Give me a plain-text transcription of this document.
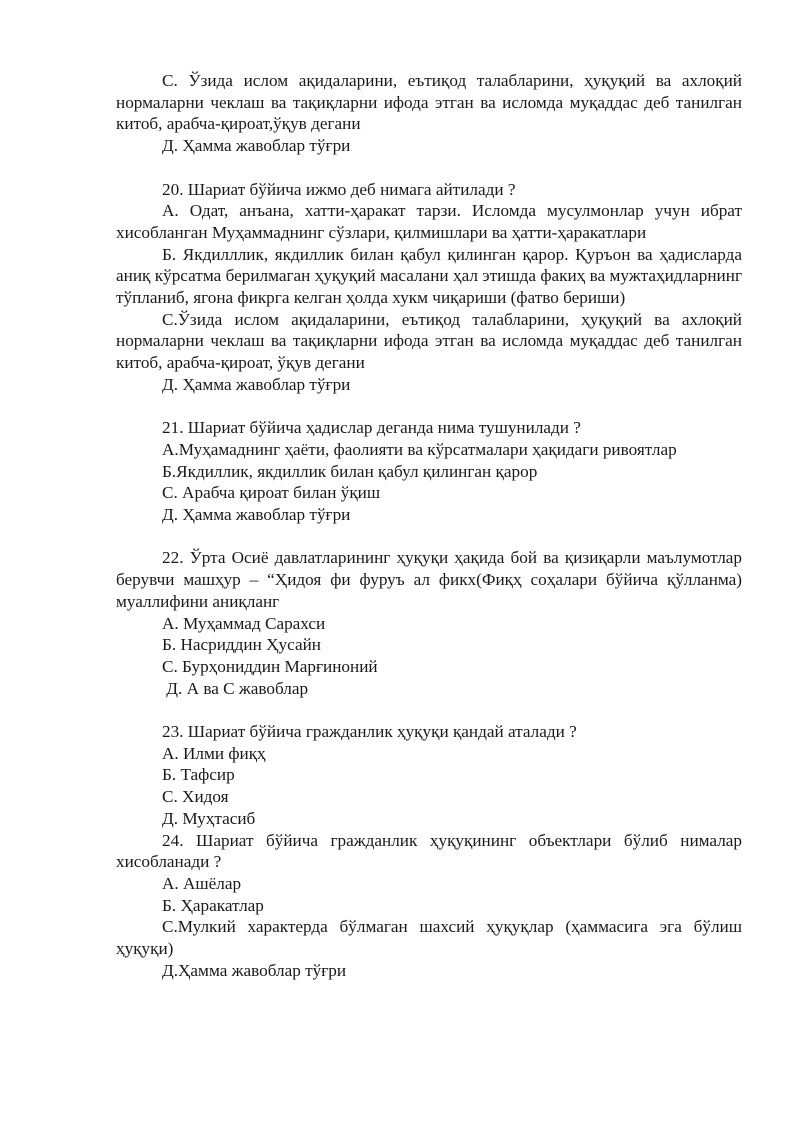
С. Ўзида ислом ақидаларини, еътиқод талабларини, ҳуқуқий ва ахлоқий нормаларни чеклаш ва тақиқларни ифода этган ва исломда муқаддас деб танилган китоб, арабча-қироат,ўқув дегани

Д. Ҳамма жавоблар тўғри

20. Шариат бўйича ижмо деб нимага айтилади ?

А. Одат, анъана, хатти-ҳаракат тарзи. Исломда мусулмонлар учун ибрат хисобланган Муҳаммаднинг сўзлари, қилмишлари ва ҳатти-ҳаракатлари

Б. Якдилллик, якдиллик билан қабул қилинган қарор. Қуръон ва ҳадисларда аниқ кўрсатма берилмаган ҳуқуқий масалани ҳал этишда факиҳ ва мужтаҳидларнинг тўпланиб, ягона фикрга келган ҳолда хукм чиқариши (фатво бериши)

С.Ўзида ислом ақидаларини, еътиқод талабларини, ҳуқуқий ва ахлоқий нормаларни чеклаш ва тақиқларни ифода этган ва исломда муқаддас деб танилган китоб, арабча-қироат, ўқув дегани

Д. Ҳамма жавоблар тўғри

21. Шариат бўйича ҳадислар деганда нима тушунилади ?

А.Муҳамаднинг ҳаёти, фаолияти ва кўрсатмалари ҳақидаги ривоятлар

Б.Якдиллик, якдиллик билан қабул қилинган қарор

С. Арабча қироат билан ўқиш

Д. Ҳамма жавоблар тўғри

22. Ўрта Осиё давлатларининг ҳуқуқи ҳақида бой ва қизиқарли маълумотлар берувчи машҳур – “Ҳидоя фи фуруъ ал фикх(Фиқҳ соҳалари бўйича қўлланма) муаллифини аниқланг

А. Муҳаммад Сарахси

Б. Насриддин Ҳусайн

С. Бурҳониддин Марғиноний

Д. А ва С жавоблар

23. Шариат бўйича гражданлик ҳуқуқи қандай аталади ?

А. Илми фиқҳ

Б. Тафсир

С. Хидоя

Д. Муҳтасиб

24. Шариат бўйича гражданлик ҳуқуқининг объектлари бўлиб нималар хисобланади ?

А. Ашёлар

Б. Ҳаракатлар

С.Мулкий характерда бўлмаган шахсий ҳуқуқлар (ҳаммасига эга бўлиш ҳуқуқи)

Д.Ҳамма жавоблар тўғри
